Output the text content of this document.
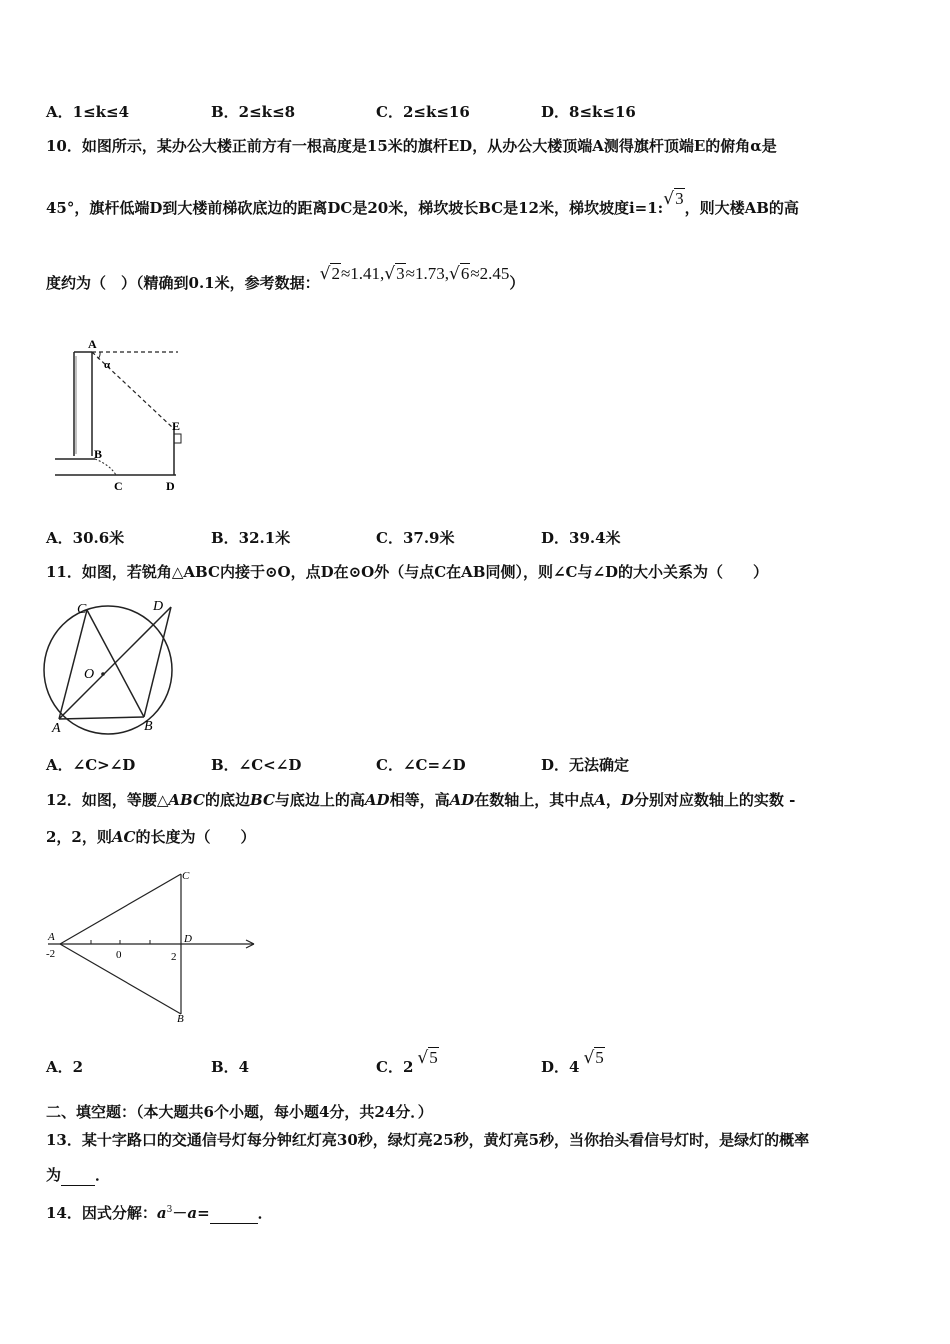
A．1≤k≤4	B．2≤k≤8	C．2≤k≤16	D．8≤k≤16
10．如图所示，某办公大楼正前方有一根高度是15米的旗杆ED，从办公大楼顶端A测得旗杆顶端E的俯角α是
45°，旗杆低端D到大楼前梯砍底边的距离DC是20米，梯坎坡长BC是12米，梯坎坡度i=1:√3，则大楼AB的高
度约为（　）（精确到0.1米，参考数据：√2≈1.41,√3≈1.73,√6≈2.45）
A
α
E
B
C	D
A．30.6米	B．32.1米	C．37.9米	D．39.4米
11．如图，若锐角△ABC内接于⊙O，点D在⊙O外（与点C在AB同侧），则∠C与∠D的大小关系为（　　）
C	D
O
A	B
A．∠C>∠D	B．∠C<∠D	C．∠C=∠D	D．无法确定
12．如图，等腰△ABC的底边BC与底边上的高AD相等，高AD在数轴上，其中点A，D分别对应数轴上的实数 -
2，2，则AC的长度为（　　）
C
A	D
B
-2	0	2
A．2	B．4	C．2 √5	D．4 √5
二、填空题：（本大题共6个小题，每小题4分，共24分．）
13．某十字路口的交通信号灯每分钟红灯亮30秒，绿灯亮25秒，黄灯亮5秒，当你抬头看信号灯时，是绿灯的概率
为 ．
14．因式分解：$a^3-a=$	．
